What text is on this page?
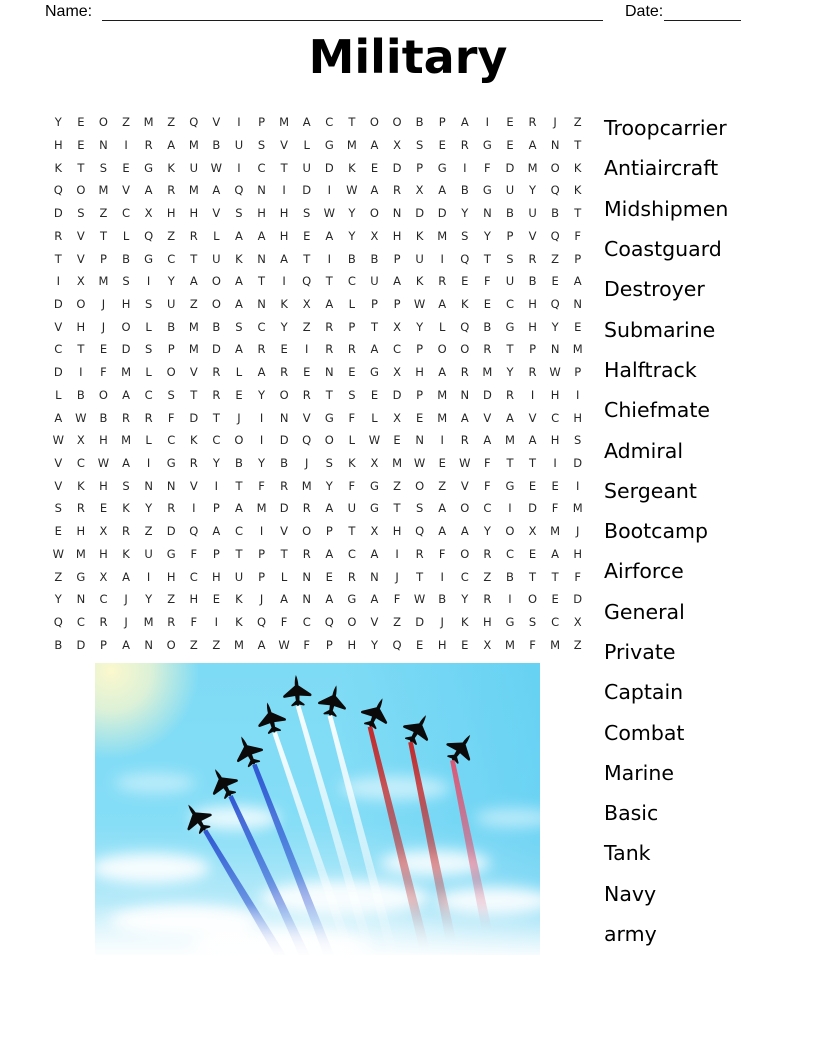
Name:	Date:
Military
Y	E	O	Z	M	Z	Q	V	I	P	M	A	C	T	O	O	B	P	A	I	E	R	J	Z
H	E	N	I	R	A	M	B	U	S	V	L	G	M	A	X	S	E	R	G	E	A	N	T
K	T	S	E	G	K	U	W	I	C	T	U	D	K	E	D	P	G	I	F	D	M	O	K
Q	O	M	V	A	R	M	A	Q	N	I	D	I	W	A	R	X	A	B	G	U	Y	Q	K
D	S	Z	C	X	H	H	V	S	H	H	S	W	Y	O	N	D	D	Y	N	B	U	B	T
R	V	T	L	Q	Z	R	L	A	A	H	E	A	Y	X	H	K	M	S	Y	P	V	Q	F
T	V	P	B	G	C	T	U	K	N	A	T	I	B	B	P	U	I	Q	T	S	R	Z	P
I	X	M	S	I	Y	A	O	A	T	I	Q	T	C	U	A	K	R	E	F	U	B	E	A
D	O	J	H	S	U	Z	O	A	N	K	X	A	L	P	P	W	A	K	E	C	H	Q	N
V	H	J	O	L	B	M	B	S	C	Y	Z	R	P	T	X	Y	L	Q	B	G	H	Y	E
C	T	E	D	S	P	M	D	A	R	E	I	R	R	A	C	P	O	O	R	T	P	N	M
D	I	F	M	L	O	V	R	L	A	R	E	N	E	G	X	H	A	R	M	Y	R	W	P
L	B	O	A	C	S	T	R	E	Y	O	R	T	S	E	D	P	M	N	D	R	I	H	I
A	W	B	R	R	F	D	T	J	I	N	V	G	F	L	X	E	M	A	V	A	V	C	H
W	X	H	M	L	C	K	C	O	I	D	Q	O	L	W	E	N	I	R	A	M	A	H	S
V	C	W	A	I	G	R	Y	B	Y	B	J	S	K	X	M	W	E	W	F	T	T	I	D
V	K	H	S	N	N	V	I	T	F	R	M	Y	F	G	Z	O	Z	V	F	G	E	E	I
S	R	E	K	Y	R	I	P	A	M	D	R	A	U	G	T	S	A	O	C	I	D	F	M
E	H	X	R	Z	D	Q	A	C	I	V	O	P	T	X	H	Q	A	A	Y	O	X	M	J
W	M	H	K	U	G	F	P	T	P	T	R	A	C	A	I	R	F	O	R	C	E	A	H
Z	G	X	A	I	H	C	H	U	P	L	N	E	R	N	J	T	I	C	Z	B	T	T	F
Y	N	C	J	Y	Z	H	E	K	J	A	N	A	G	A	F	W	B	Y	R	I	O	E	D
Q	C	R	J	M	R	F	I	K	Q	F	C	Q	O	V	Z	D	J	K	H	G	S	C	X
B	D	P	A	N	O	Z	Z	M	A	W	F	P	H	Y	Q	E	H	E	X	M	F	M	Z
Troopcarrier
Antiaircraft
Midshipmen
Coastguard
Destroyer
Submarine
Halftrack
Chiefmate
Admiral
Sergeant
Bootcamp
Airforce
General
Private
Captain
Combat
Marine
Basic
Tank
Navy
army
